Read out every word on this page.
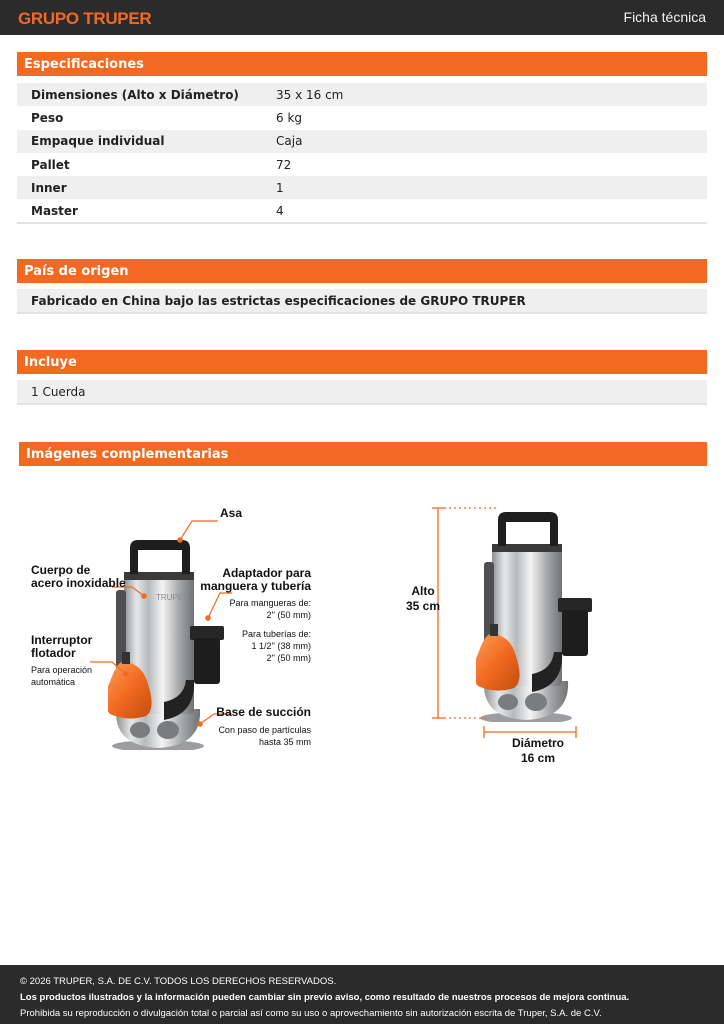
GRUPO TRUPER	Ficha técnica
Especificaciones
Dimensiones (Alto x Diámetro)	35 x 16 cm
Peso	6 kg
Empaque individual	Caja
Pallet	72
Inner	1
Master	4
País de origen
Fabricado en China bajo las estrictas especificaciones de GRUPO TRUPER
Incluye
1 Cuerda
Imágenes complementarias
TRUPER
Asa
Cuerpo de
acero inoxidable
Interruptor
flotador
Para operación
automática
Adaptador para
manguera y tubería
Para mangueras de:
2'' (50 mm)
Para tuberías de:
1 1/2'' (38 mm)
2'' (50 mm)
Base de succión
Con paso de partículas
hasta 35 mm
Alto
35 cm
Diámetro
16 cm
© 2026 TRUPER, S.A. DE C.V. TODOS LOS DERECHOS RESERVADOS.
Los productos ilustrados y la información pueden cambiar sin previo aviso, como resultado de nuestros procesos de mejora continua.
Prohibida su reproducción o divulgación total o parcial así como su uso o aprovechamiento sin autorización escrita de Truper, S.A. de C.V.
